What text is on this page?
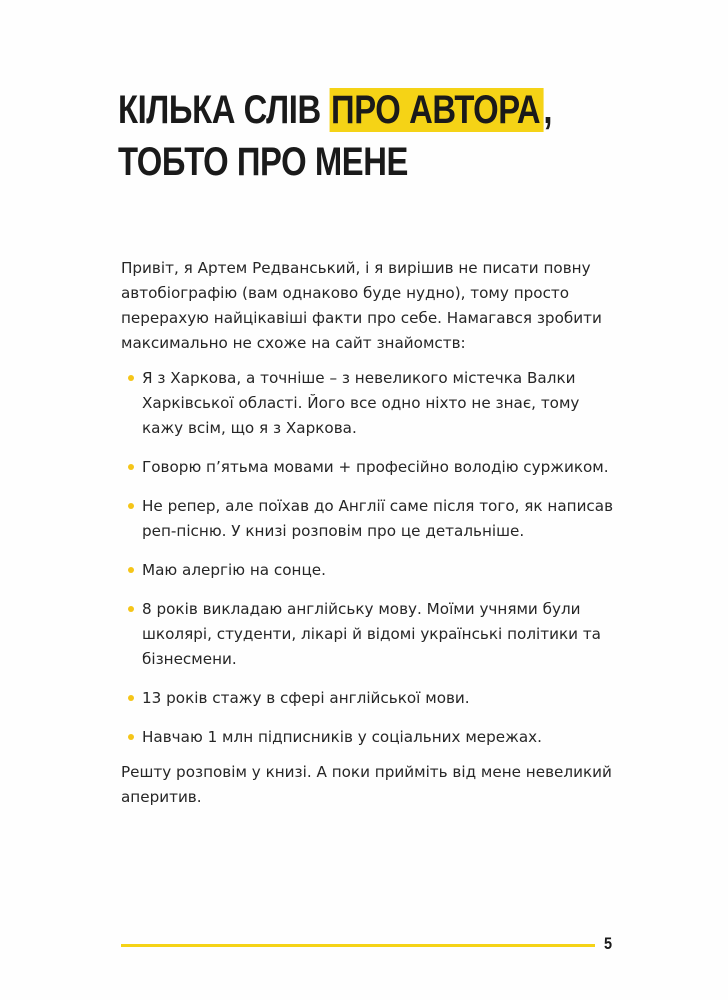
КІЛЬКА СЛІВ ПРО АВТОРА,
ТОБТО ПРО МЕНЕ

Привіт, я Артем Редванський, і я вирішив не писати повну автобіографію (вам однаково буде нудно), тому просто перерахую найцікавіші факти про себе. Намагався зробити максимально не схоже на сайт знайомств:

Я з Харкова, а точніше – з невеликого містечка Валки Харківської області. Його все одно ніхто не знає, тому кажу всім, що я з Харкова.
Говорю п’ятьма мовами + професійно володію суржиком.
Не репер, але поїхав до Англії саме після того, як написав реп-пісню. У книзі розповім про це детальніше.
Маю алергію на сонце.
8 років викладаю англійську мову. Моїми учнями були школярі, студенти, лікарі й відомі українські політики та бізнесмени.
13 років стажу в сфері англійської мови.
Навчаю 1 млн підписників у соціальних мережах.

Решту розповім у книзі. А поки прийміть від мене невеликий аперитив.

5
